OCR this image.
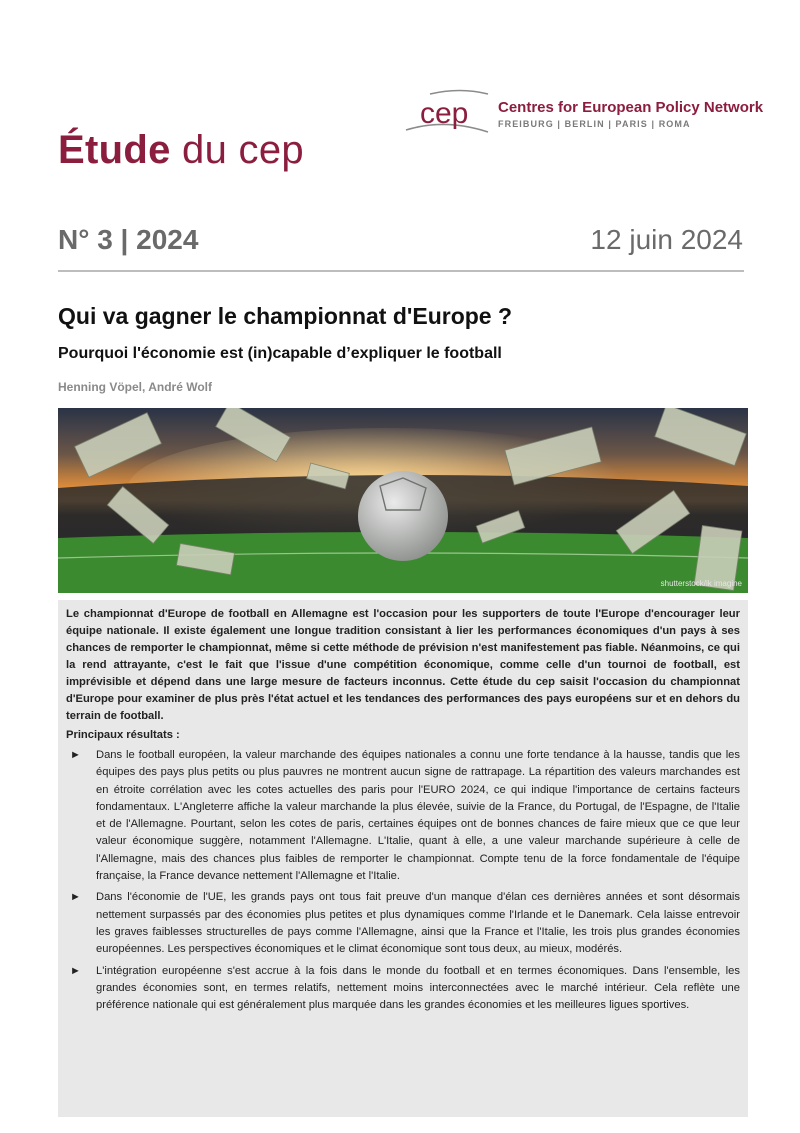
cep Centres for European Policy Network
FREIBURG | BERLIN | PARIS | ROMA
Étude du cep
N° 3 | 2024	12 juin 2024
Qui va gagner le championnat d'Europe ?
Pourquoi l'économie est (in)capable d’expliquer le football
Henning Vöpel, André Wolf
shutterstock/ik imagine

Le championnat d'Europe de football en Allemagne est l'occasion pour les supporters de toute l'Europe d'encourager leur équipe nationale. Il existe également une longue tradition consistant à lier les performances économiques d'un pays à ses chances de remporter le championnat, même si cette méthode de prévision n'est manifestement pas fiable. Néanmoins, ce qui la rend attrayante, c'est le fait que l'issue d'une compétition économique, comme celle d'un tournoi de football, est imprévisible et dépend dans une large mesure de facteurs inconnus. Cette étude du cep saisit l'occasion du championnat d'Europe pour examiner de plus près l'état actuel et les tendances des performances des pays européens sur et en dehors du terrain de football.

Principaux résultats :
► Dans le football européen, la valeur marchande des équipes nationales a connu une forte tendance à la hausse, tandis que les équipes des pays plus petits ou plus pauvres ne montrent aucun signe de rattrapage. La répartition des valeurs marchandes est en étroite corrélation avec les cotes actuelles des paris pour l'EURO 2024, ce qui indique l'importance de certains facteurs fondamentaux. L'Angleterre affiche la valeur marchande la plus élevée, suivie de la France, du Portugal, de l'Espagne, de l'Italie et de l'Allemagne. Pourtant, selon les cotes de paris, certaines équipes ont de bonnes chances de faire mieux que ce que leur valeur économique suggère, notamment l'Allemagne. L'Italie, quant à elle, a une valeur marchande supérieure à celle de l'Allemagne, mais des chances plus faibles de remporter le championnat. Compte tenu de la force fondamentale de l'équipe française, la France devance nettement l'Allemagne et l'Italie.
► Dans l'économie de l'UE, les grands pays ont tous fait preuve d'un manque d'élan ces dernières années et sont désormais nettement surpassés par des économies plus petites et plus dynamiques comme l'Irlande et le Danemark. Cela laisse entrevoir les graves faiblesses structurelles de pays comme l'Allemagne, ainsi que la France et l'Italie, les trois plus grandes économies européennes. Les perspectives économiques et le climat économique sont tous deux, au mieux, modérés.
► L'intégration européenne s'est accrue à la fois dans le monde du football et en termes économiques. Dans l'ensemble, les grandes économies sont, en termes relatifs, nettement moins interconnectées avec le marché intérieur. Cela reflète une préférence nationale qui est généralement plus marquée dans les grandes économies et les meilleures ligues sportives.
